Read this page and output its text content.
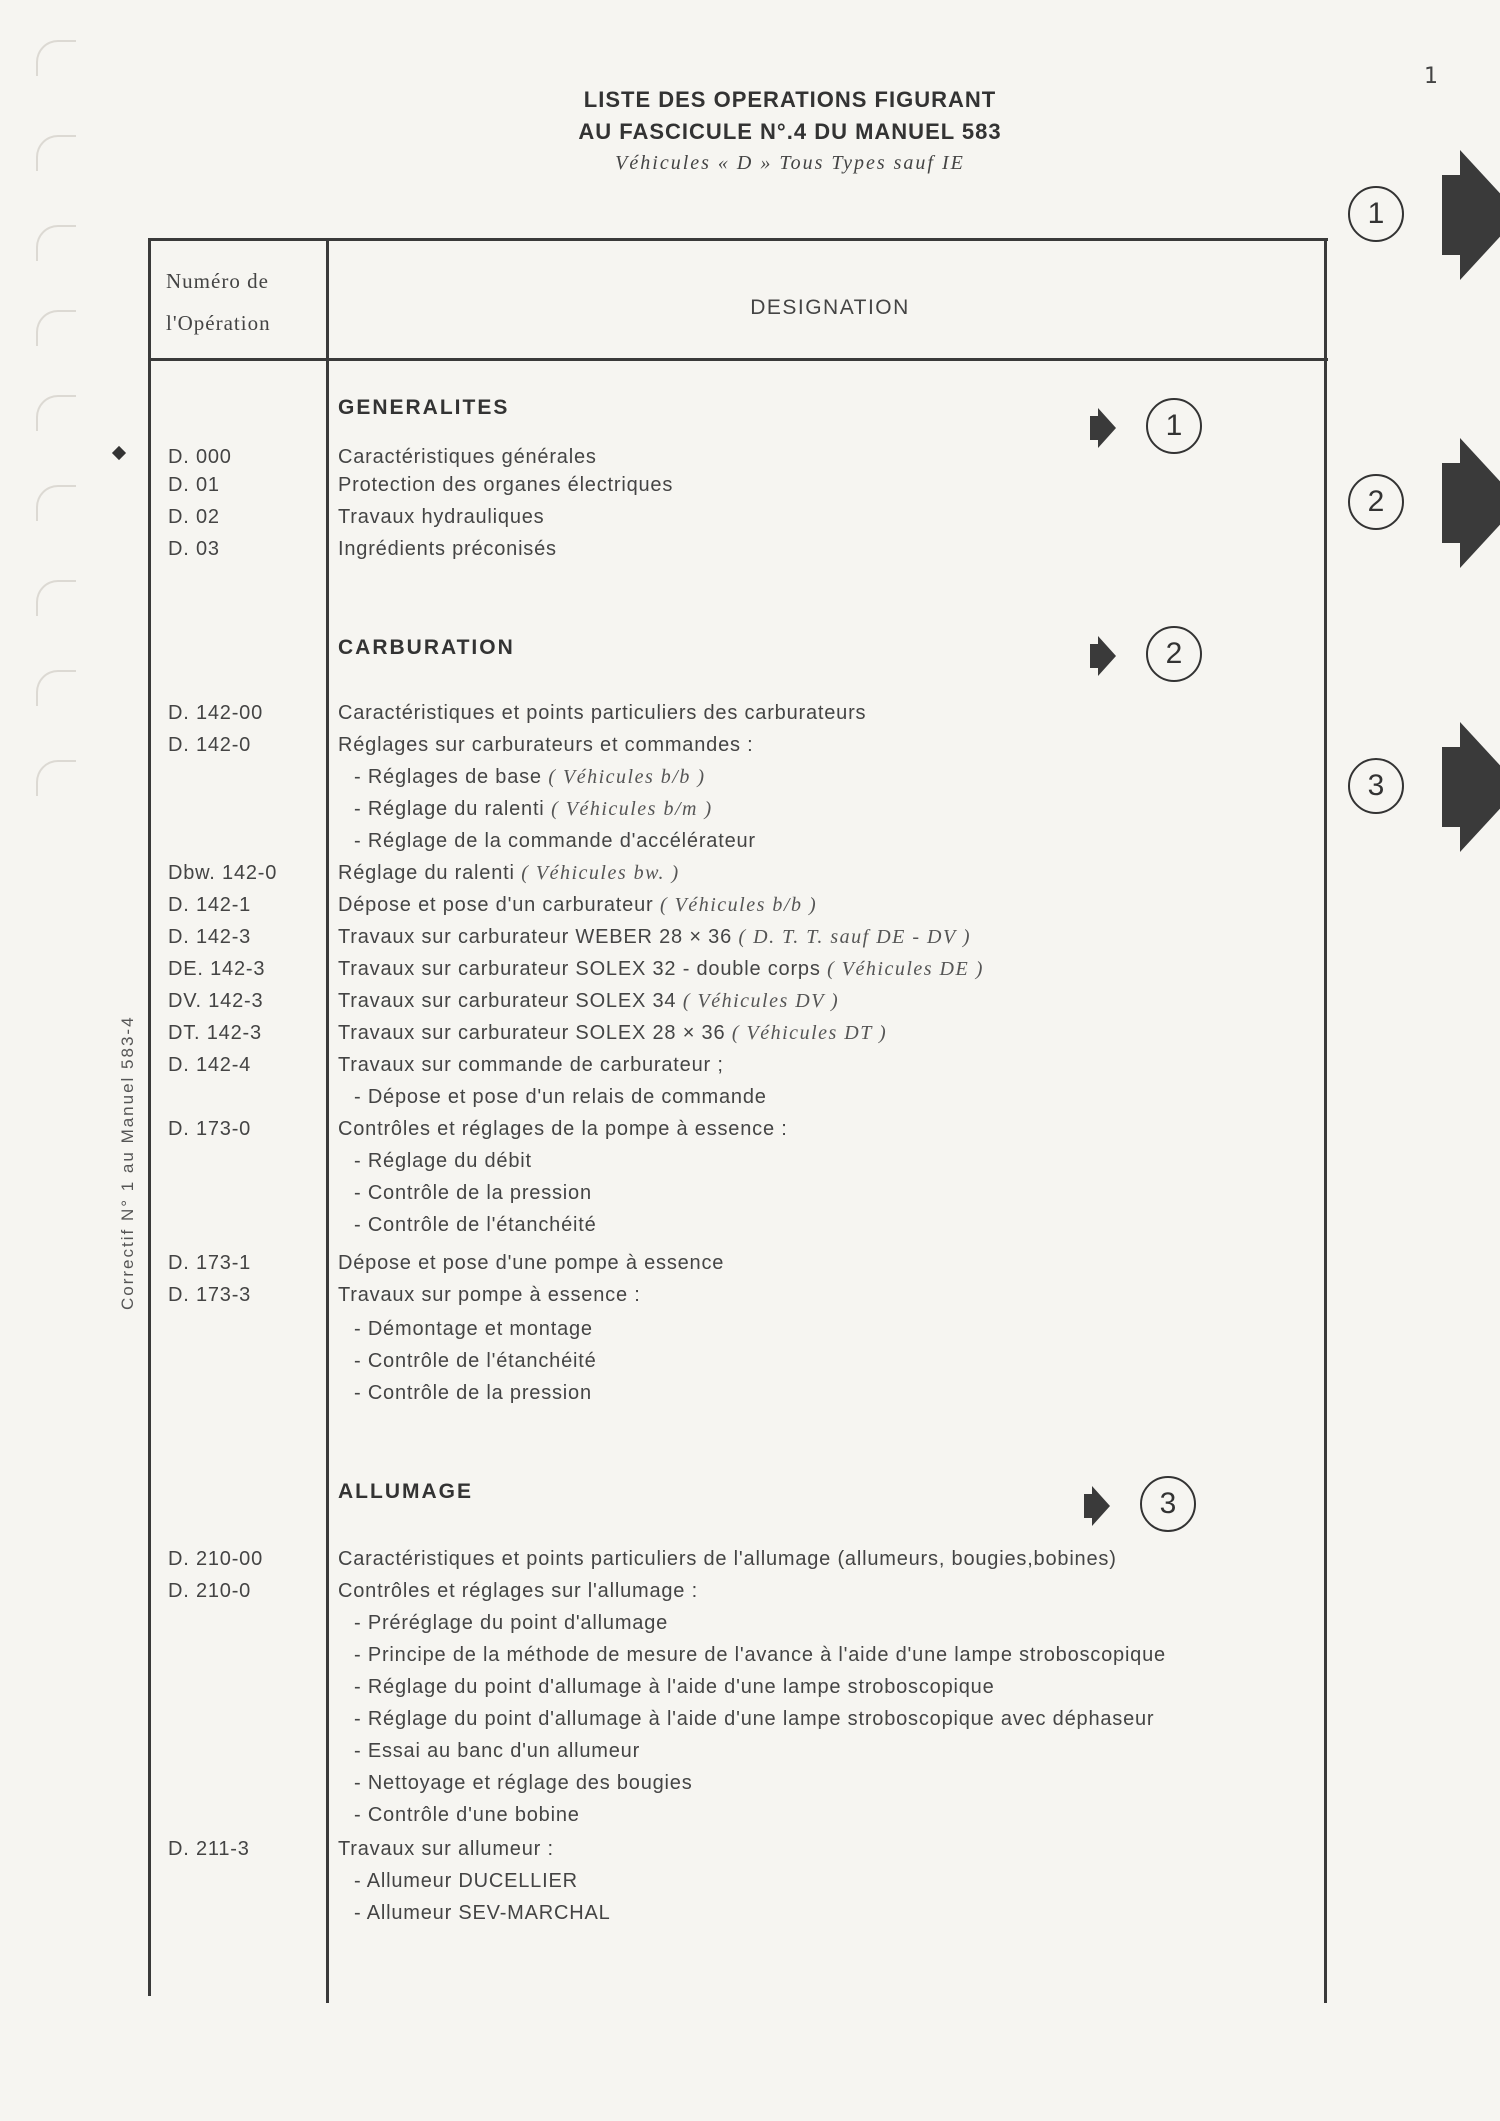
1
LISTE DES OPERATIONS FIGURANT
AU FASCICULE N°.4 DU MANUEL 583
Véhicules « D » Tous Types sauf IE
1
2
3
Numéro de
l'Opération
DESIGNATION
GENERALITES
1
CARBURATION	2
ALLUMAGE	3
D. 000	Caractéristiques générales
D. 01	Protection des organes électriques
D. 02	Travaux hydrauliques
D. 03	Ingrédients préconisés
D. 142-00	Caractéristiques et points particuliers des carburateurs
D. 142-0	Réglages sur carburateurs et commandes :
- Réglages de base ( Véhicules b/b )
- Réglage du ralenti ( Véhicules b/m )
- Réglage de la commande d'accélérateur
Dbw. 142-0	Réglage du ralenti ( Véhicules bw. )
D. 142-1	Dépose et pose d'un carburateur ( Véhicules b/b )
D. 142-3	Travaux sur carburateur WEBER 28 × 36 ( D. T. T. sauf DE - DV )
DE. 142-3	Travaux sur carburateur SOLEX 32 - double corps ( Véhicules DE )
DV. 142-3	Travaux sur carburateur SOLEX 34 ( Véhicules DV )
DT. 142-3	Travaux sur carburateur SOLEX 28 × 36 ( Véhicules DT )
D. 142-4	Travaux sur commande de carburateur ;
- Dépose et pose d'un relais de commande
D. 173-0	Contrôles et réglages de la pompe à essence :
- Réglage du débit
- Contrôle de la pression
- Contrôle de l'étanchéité
D. 173-1	Dépose et pose d'une pompe à essence
D. 173-3	Travaux sur pompe à essence :
- Démontage et montage
- Contrôle de l'étanchéité
- Contrôle de la pression
D. 210-00	Caractéristiques et points particuliers de l'allumage (allumeurs, bougies,bobines)
D. 210-0	Contrôles et réglages sur l'allumage :
- Préréglage du point d'allumage
- Principe de la méthode de mesure de l'avance à l'aide d'une lampe stroboscopique
- Réglage du point d'allumage à l'aide d'une lampe stroboscopique
- Réglage du point d'allumage à l'aide d'une lampe stroboscopique avec déphaseur
- Essai au banc d'un allumeur
- Nettoyage et réglage des bougies
- Contrôle d'une bobine
D. 211-3	Travaux sur allumeur :
- Allumeur DUCELLIER
- Allumeur SEV-MARCHAL
Correctif N° 1 au Manuel 583-4
